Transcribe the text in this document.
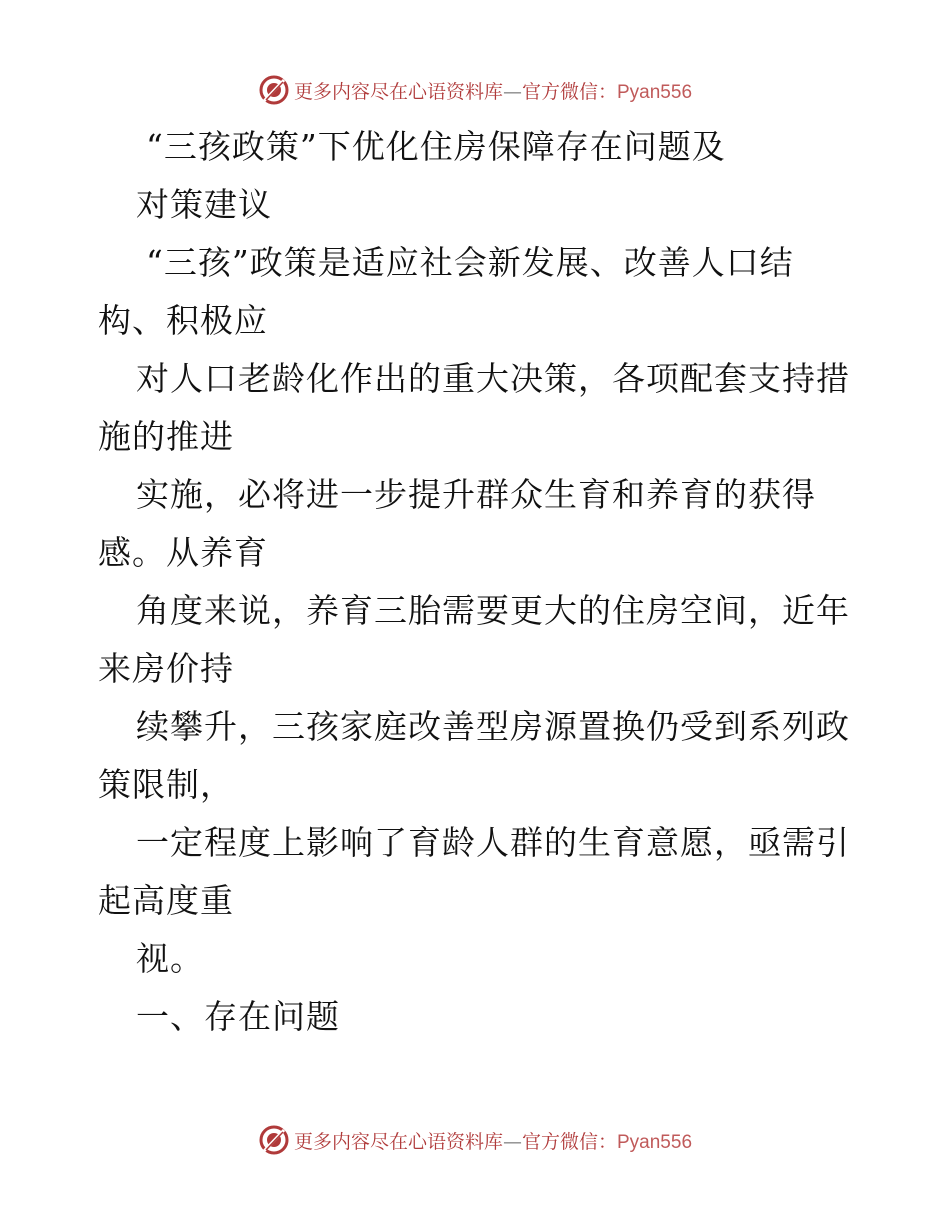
更多内容尽在心语资料库—官方微信：Pyan556
“三孩政策”下优化住房保障存在问题及
对策建议
“三孩”政策是适应社会新发展、改善人口结
构、积极应
对人口老龄化作出的重大决策，各项配套支持措
施的推进
实施，必将进一步提升群众生育和养育的获得
感。从养育
角度来说，养育三胎需要更大的住房空间，近年
来房价持
续攀升，三孩家庭改善型房源置换仍受到系列政
策限制，
一定程度上影响了育龄人群的生育意愿，亟需引
起高度重
视。
一、存在问题
更多内容尽在心语资料库—官方微信：Pyan556
